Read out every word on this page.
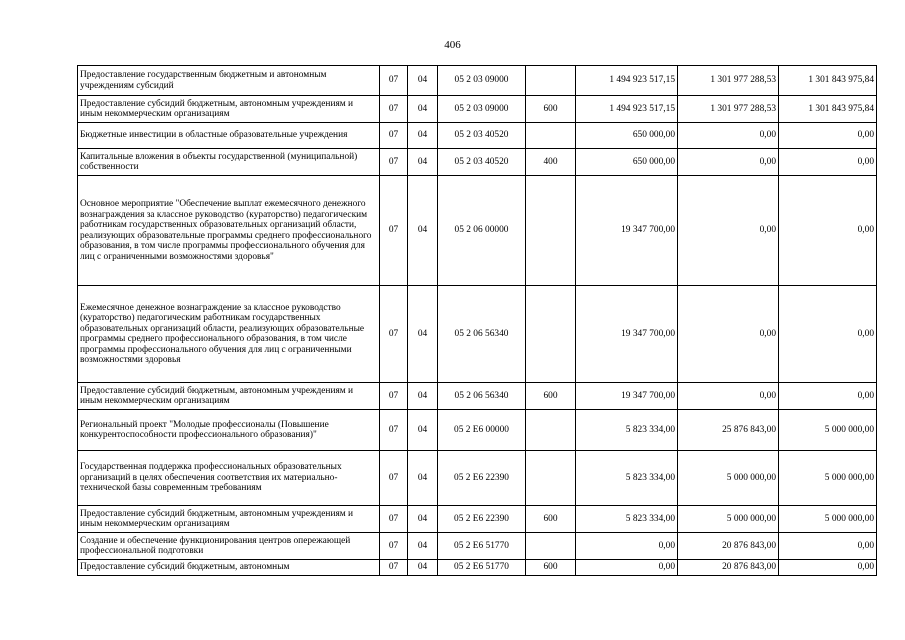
406
Предоставление государственным бюджетным и автономным учреждениям субсидий	07	04	05 2 03 09000		1 494 923 517,15	1 301 977 288,53	1 301 843 975,84
Предоставление субсидий бюджетным, автономным учреждениям и иным некоммерческим организациям	07	04	05 2 03 09000	600	1 494 923 517,15	1 301 977 288,53	1 301 843 975,84
Бюджетные инвестиции в областные образовательные учреждения	07	04	05 2 03 40520		650 000,00	0,00	0,00
Капитальные вложения в объекты государственной (муниципальной) собственности	07	04	05 2 03 40520	400	650 000,00	0,00	0,00
Основное мероприятие "Обеспечение выплат ежемесячного денежного вознаграждения за классное руководство (кураторство) педагогическим работникам государственных образовательных организаций области, реализующих образовательные программы среднего профессионального образования, в том числе программы профессионального обучения для лиц с ограниченными возможностями здоровья"	07	04	05 2 06 00000		19 347 700,00	0,00	0,00
Ежемесячное денежное вознаграждение за классное руководство (кураторство) педагогическим работникам государственных образовательных организаций области, реализующих образовательные программы среднего профессионального образования, в том числе программы профессионального обучения для лиц с ограниченными возможностями здоровья	07	04	05 2 06 56340		19 347 700,00	0,00	0,00
Предоставление субсидий бюджетным, автономным учреждениям и иным некоммерческим организациям	07	04	05 2 06 56340	600	19 347 700,00	0,00	0,00
Региональный проект "Молодые профессионалы (Повышение конкурентоспособности профессионального образования)"	07	04	05 2 E6 00000		5 823 334,00	25 876 843,00	5 000 000,00
Государственная поддержка профессиональных образовательных организаций в целях обеспечения соответствия их материально-технической базы современным требованиям	07	04	05 2 E6 22390		5 823 334,00	5 000 000,00	5 000 000,00
Предоставление субсидий бюджетным, автономным учреждениям и иным некоммерческим организациям	07	04	05 2 E6 22390	600	5 823 334,00	5 000 000,00	5 000 000,00
Создание и обеспечение функционирования центров опережающей профессиональной подготовки	07	04	05 2 E6 51770		0,00	20 876 843,00	0,00
Предоставление субсидий бюджетным, автономным	07	04	05 2 E6 51770	600	0,00	20 876 843,00	0,00
